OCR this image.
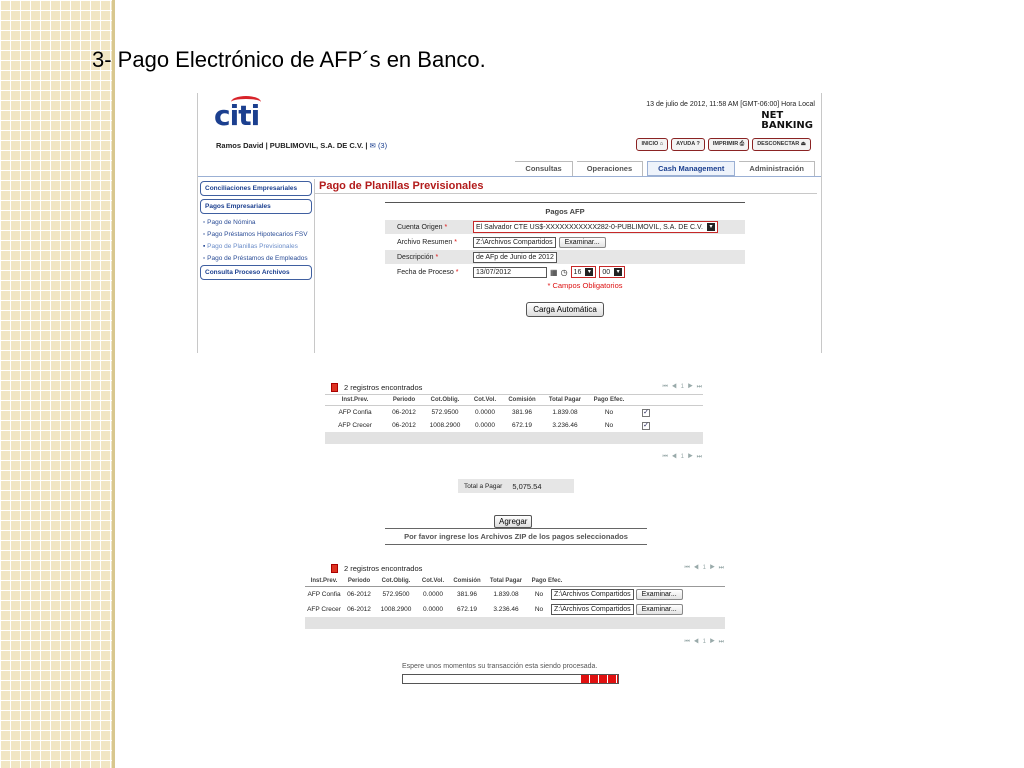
3- Pago Electrónico de AFP´s en Banco.
citi	13 de julio de 2012, 11:58 AM [GMT-06:00] Hora Local
NET
BANKING
Ramos David | PUBLIMOVIL, S.A. DE C.V. | ✉ (3)	INICIO ⌂	AYUDA ?	IMPRIMIR ⎙	DESCONECTAR ⏏
Consultas	Operaciones	Cash Management	Administración
Conciliaciones Empresariales
Pagos Empresariales
▫ Pago de Nómina
▫ Pago Préstamos Hipotecarios FSV
▪ Pago de Planillas Previsionales
▫ Pago de Préstamos de Empleados
Consulta Proceso Archivos
Pago de Planillas Previsionales
Pagos AFP
Cuenta Origen *	El Salvador CTE US$-XXXXXXXXXXX282-0-PUBLIMOVIL, S.A. DE C.V.	▾
Archivo Resumen *	Z:\Archivos Compartidos	Examinar...
Descripción *	de AFp de Junio de 2012
Fecha de Proceso *	13/07/2012	▦ ◷ 16	▾	00	▾
* Campos Obligatorios
Carga Automática
2 registros encontrados	⏮ ◀ 1 ▶ ⏭
Inst.Prev.	Periodo	Cot.Oblig.	Cot.Vol.	Comisión	Total Pagar	Pago Efec.
AFP Confia	06-2012	572.9500	0.0000	381.96	1.839.08	No	✓
AFP Crecer	06-2012	1008.2900	0.0000	672.19	3.236.46	No	✓
⏮ ◀ 1 ▶ ⏭
Total a Pagar 5,075.54
Agregar
Por favor ingrese los Archivos ZIP de los pagos seleccionados
2 registros encontrados	⏮ ◀ 1 ▶ ⏭
Inst.Prev.	Periodo	Cot.Oblig.	Cot.Vol.	Comisión	Total Pagar	Pago Efec.
AFP Confia	06-2012	572.9500	0.0000	381.96	1.839.08	No	Z:\Archivos Compartidos	Examinar...
AFP Crecer 06-2012	1008.2900	0.0000	672.19	3.236.46	No	Z:\Archivos Compartidos	Examinar...
⏮ ◀ 1 ▶ ⏭
Espere unos momentos su transacción esta siendo procesada.
